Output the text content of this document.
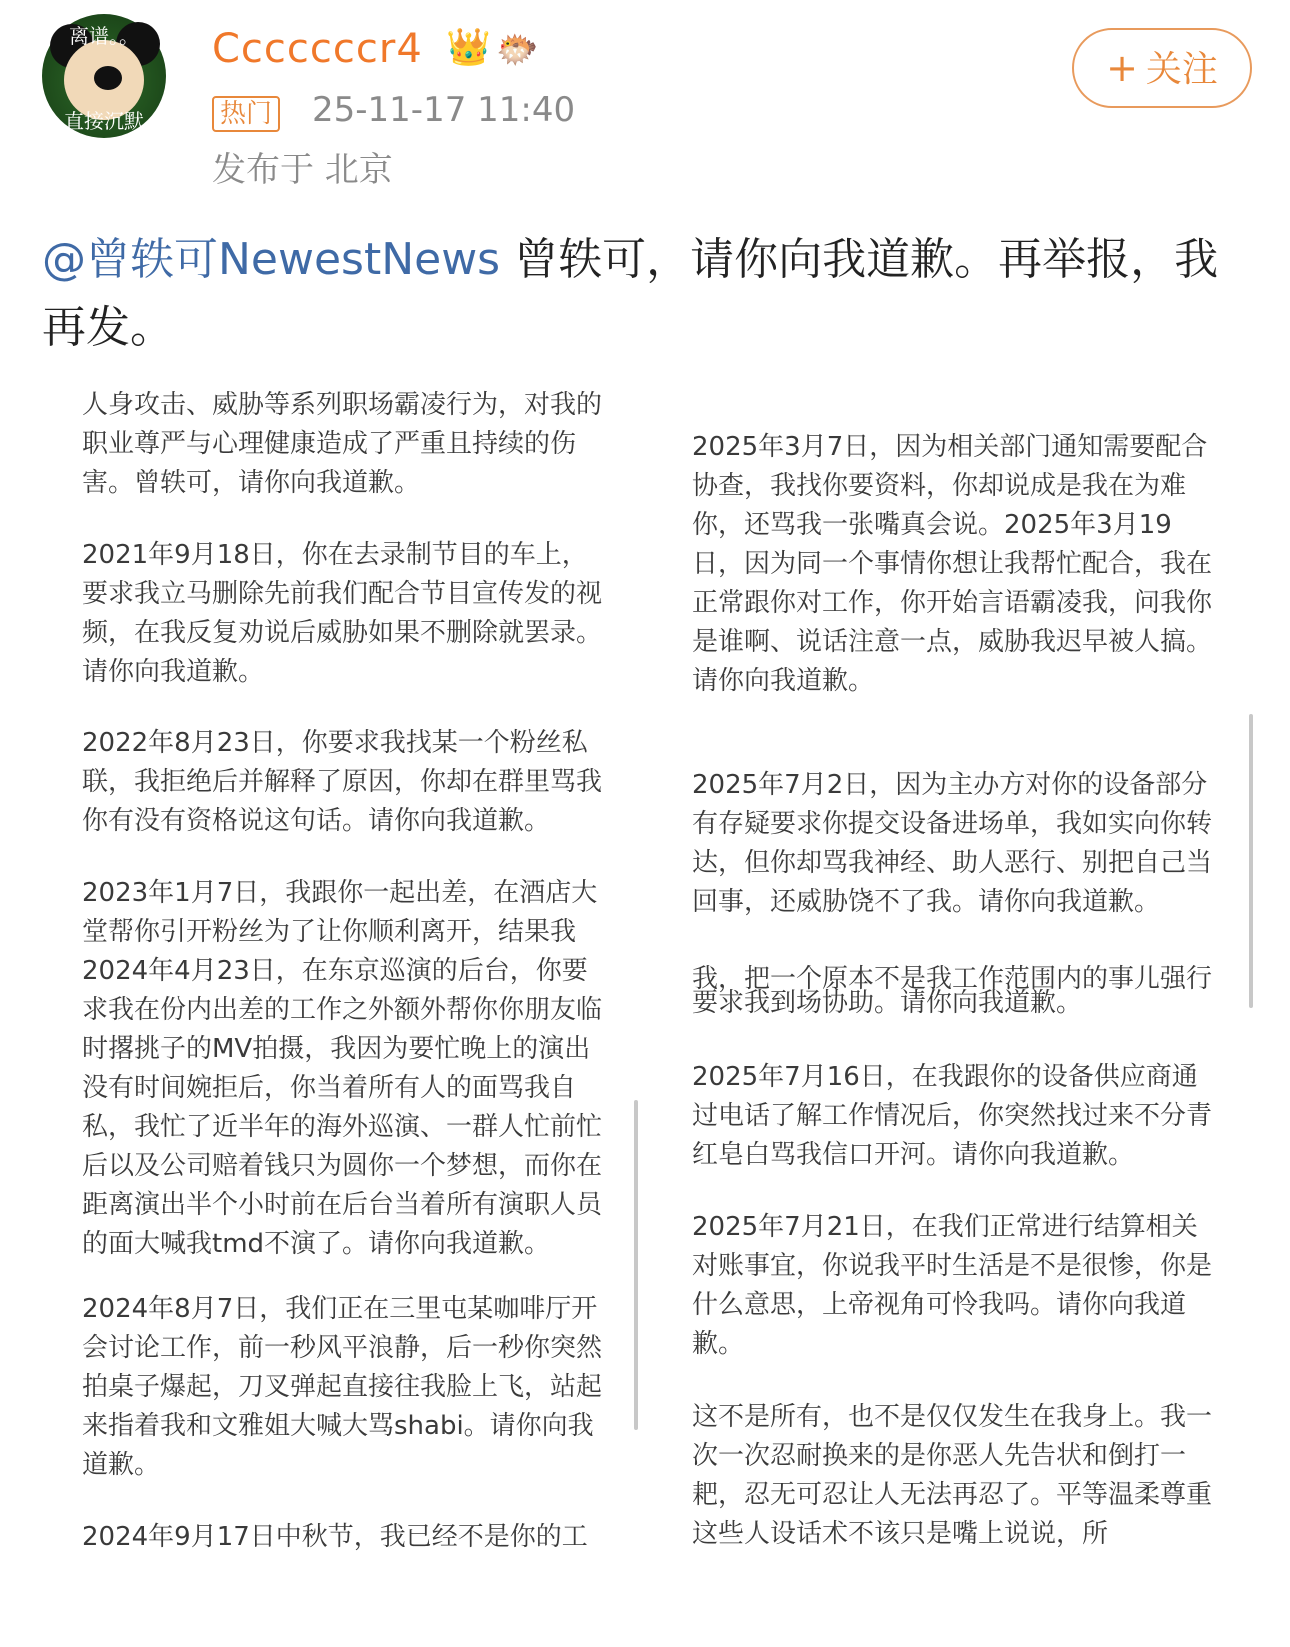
离谱。。
直接沉默
Cccccccr4 👑 🐡
热门 25-11-17 11:40
发布于 北京
+ 关注
@曾轶可NewestNews 曾轶可，请你向我道歉。再举报，我再发。

人身攻击、威胁等系列职场霸凌行为，对我的职业尊严与心理健康造成了严重且持续的伤害。曾轶可，请你向我道歉。

2021年9月18日，你在去录制节目的车上，要求我立马删除先前我们配合节目宣传发的视频，在我反复劝说后威胁如果不删除就罢录。请你向我道歉。

2022年8月23日，你要求我找某一个粉丝私联，我拒绝后并解释了原因，你却在群里骂我你有没有资格说这句话。请你向我道歉。

2023年1月7日，我跟你一起出差，在酒店大堂帮你引开粉丝为了让你顺利离开，结果我

2024年4月23日，在东京巡演的后台，你要求我在份内出差的工作之外额外帮你你朋友临时撂挑子的MV拍摄，我因为要忙晚上的演出没有时间婉拒后，你当着所有人的面骂我自私，我忙了近半年的海外巡演、一群人忙前忙后以及公司赔着钱只为圆你一个梦想，而你在距离演出半个小时前在后台当着所有演职人员的面大喊我tmd不演了。请你向我道歉。

2024年8月7日，我们正在三里屯某咖啡厅开会讨论工作，前一秒风平浪静，后一秒你突然拍桌子爆起，刀叉弹起直接往我脸上飞，站起来指着我和文雅姐大喊大骂shabi。请你向我道歉。

2024年9月17日中秋节，我已经不是你的工

2025年3月7日，因为相关部门通知需要配合协查，我找你要资料，你却说成是我在为难你，还骂我一张嘴真会说。2025年3月19日，因为同一个事情你想让我帮忙配合，我在正常跟你对工作，你开始言语霸凌我，问我你是谁啊、说话注意一点，威胁我迟早被人搞。请你向我道歉。

2025年7月2日，因为主办方对你的设备部分有存疑要求你提交设备进场单，我如实向你转达，但你却骂我神经、助人恶行、别把自己当回事，还威胁饶不了我。请你向我道歉。

我，把一个原本不是我工作范围内的事儿强行

要求我到场协助。请你向我道歉。

2025年7月16日，在我跟你的设备供应商通过电话了解工作情况后，你突然找过来不分青红皂白骂我信口开河。请你向我道歉。

2025年7月21日，在我们正常进行结算相关对账事宜，你说我平时生活是不是很惨，你是什么意思，上帝视角可怜我吗。请你向我道歉。

这不是所有，也不是仅仅发生在我身上。我一次一次忍耐换来的是你恶人先告状和倒打一耙，忍无可忍让人无法再忍了。平等温柔尊重这些人设话术不该只是嘴上说说，所
